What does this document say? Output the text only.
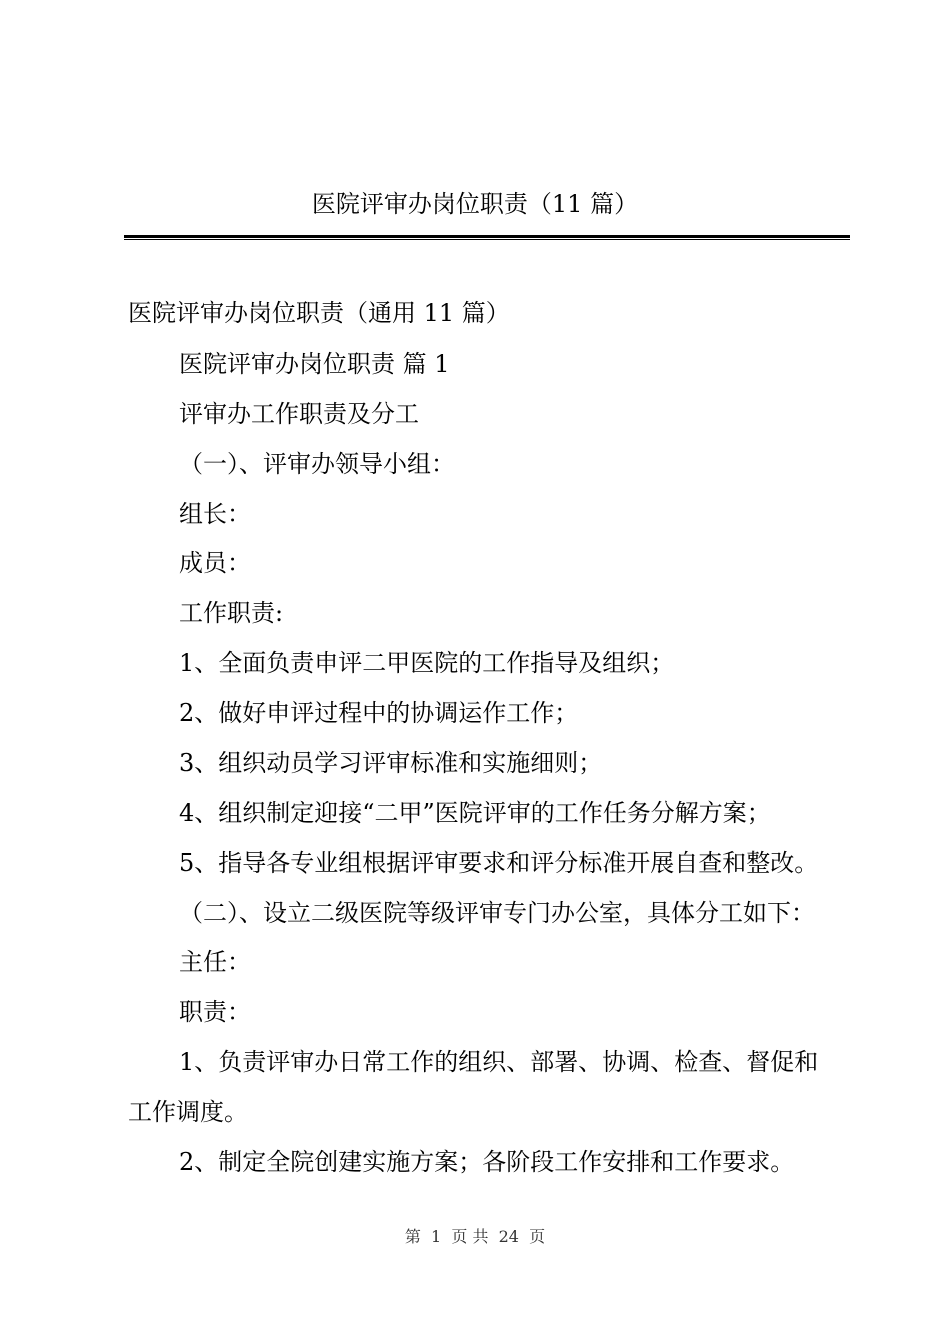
医院评审办岗位职责（11 篇）
医院评审办岗位职责（通用 11 篇）
医院评审办岗位职责 篇 1
评审办工作职责及分工
（一）、评审办领导小组：
组长：
成员：
工作职责:
1、全面负责申评二甲医院的工作指导及组织；
2、做好申评过程中的协调运作工作；
3、组织动员学习评审标准和实施细则；
4、组织制定迎接“二甲”医院评审的工作任务分解方案；
5、指导各专业组根据评审要求和评分标准开展自查和整改。
（二）、设立二级医院等级评审专门办公室，具体分工如下：
主任：
职责：
1、负责评审办日常工作的组织、部署、协调、检查、督促和
工作调度。
2、制定全院创建实施方案；各阶段工作安排和工作要求。
第  1  页 共  24  页
